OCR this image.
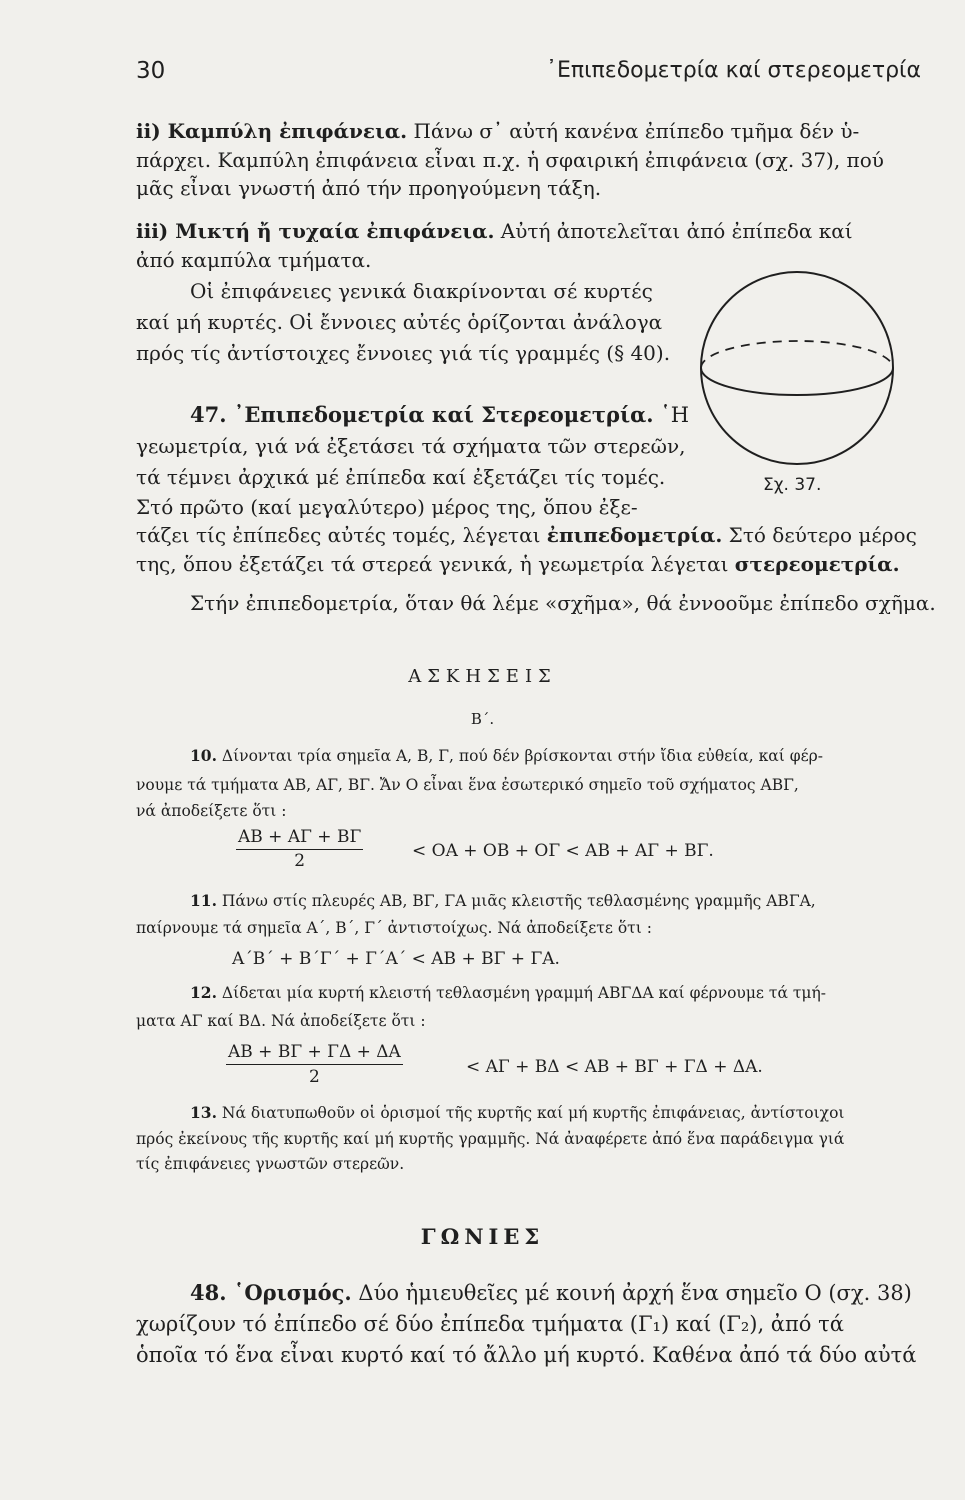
30	᾿Επιπεδομετρία καί στερεομετρία
ii) Καμπύλη ἐπιφάνεια. Πάνω σ᾿ αὐτή κανένα ἐπίπεδο τμῆμα δέν ὑ-
πάρχει. Καμπύλη ἐπιφάνεια εἶναι π.χ. ἡ σφαιρική ἐπιφάνεια (σχ. 37), πού
μᾶς εἶναι γνωστή ἀπό τήν προηγούμενη τάξη.
iii) Μικτή ἤ τυχαία ἐπιφάνεια. Αὐτή ἀποτελεῖται ἀπό ἐπίπεδα καί
ἀπό καμπύλα τμήματα.
Οἱ ἐπιφάνειες γενικά διακρίνονται σέ κυρτές
καί μή κυρτές. Οἱ ἔννοιες αὐτές ὁρίζονται ἀνάλογα
πρός τίς ἀντίστοιχες ἔννοιες γιά τίς γραμμές (§ 40).
Σχ. 37.
47. ᾿Επιπεδομετρία καί Στερεομετρία. ῾Η
γεωμετρία, γιά νά ἐξετάσει τά σχήματα τῶν στερεῶν,
τά τέμνει ἀρχικά μέ ἐπίπεδα καί ἐξετάζει τίς τομές.
Στό πρῶτο (καί μεγαλύτερο) μέρος της, ὅπου ἐξε-
τάζει τίς ἐπίπεδες αὐτές τομές, λέγεται ἐπιπεδομετρία. Στό δεύτερο μέρος
της, ὅπου ἐξετάζει τά στερεά γενικά, ἡ γεωμετρία λέγεται στερεομετρία.
Στήν ἐπιπεδομετρία, ὅταν θά λέμε «σχῆμα», θά ἐννοοῦμε ἐπίπεδο σχῆμα.
ΑΣΚΗΣΕΙΣ
Β΄.
10. Δίνονται τρία σημεῖα Α, Β, Γ, πού δέν βρίσκονται στήν ἴδια εὐθεία, καί φέρ-
νουμε τά τμήματα ΑΒ, ΑΓ, ΒΓ. Ἄν Ο εἶναι ἕνα ἐσωτερικό σημεῖο τοῦ σχήματος ΑΒΓ,
νά ἀποδείξετε ὅτι :
$\frac{AB + A\Gamma + B\Gamma}{2}$	< ΟΑ + ΟΒ + ΟΓ < ΑΒ + ΑΓ + ΒΓ.
11. Πάνω στίς πλευρές ΑΒ, ΒΓ, ΓΑ μιᾶς κλειστῆς τεθλασμένης γραμμῆς ΑΒΓΑ,
παίρνουμε τά σημεῖα Α΄, Β΄, Γ΄ ἀντιστοίχως. Νά ἀποδείξετε ὅτι :
Α΄Β΄ + Β΄Γ΄ + Γ΄Α΄ < ΑΒ + ΒΓ + ΓΑ.
12. Δίδεται μία κυρτή κλειστή τεθλασμένη γραμμή ΑΒΓΔΑ καί φέρνουμε τά τμή-
ματα ΑΓ καί ΒΔ. Νά ἀποδείξετε ὅτι :
$\frac{AB + B\Gamma + \Gamma\Delta + \Delta A}{2}$	< ΑΓ + ΒΔ < ΑΒ + ΒΓ + ΓΔ + ΔΑ.
13. Νά διατυπωθοῦν οἱ ὁρισμοί τῆς κυρτῆς καί μή κυρτῆς ἐπιφάνειας, ἀντίστοιχοι
πρός ἐκείνους τῆς κυρτῆς καί μή κυρτῆς γραμμῆς. Νά ἀναφέρετε ἀπό ἕνα παράδειγμα γιά
τίς ἐπιφάνειες γνωστῶν στερεῶν.
ΓΩΝΙΕΣ
48. ῾Ορισμός. Δύο ἡμιευθεῖες μέ κοινή ἀρχή ἕνα σημεῖο Ο (σχ. 38)
χωρίζουν τό ἐπίπεδο σέ δύο ἐπίπεδα τμήματα (Γ₁) καί (Γ₂), ἀπό τά
ὁποῖα τό ἕνα εἶναι κυρτό καί τό ἄλλο μή κυρτό. Καθένα ἀπό τά δύο αὐτά
